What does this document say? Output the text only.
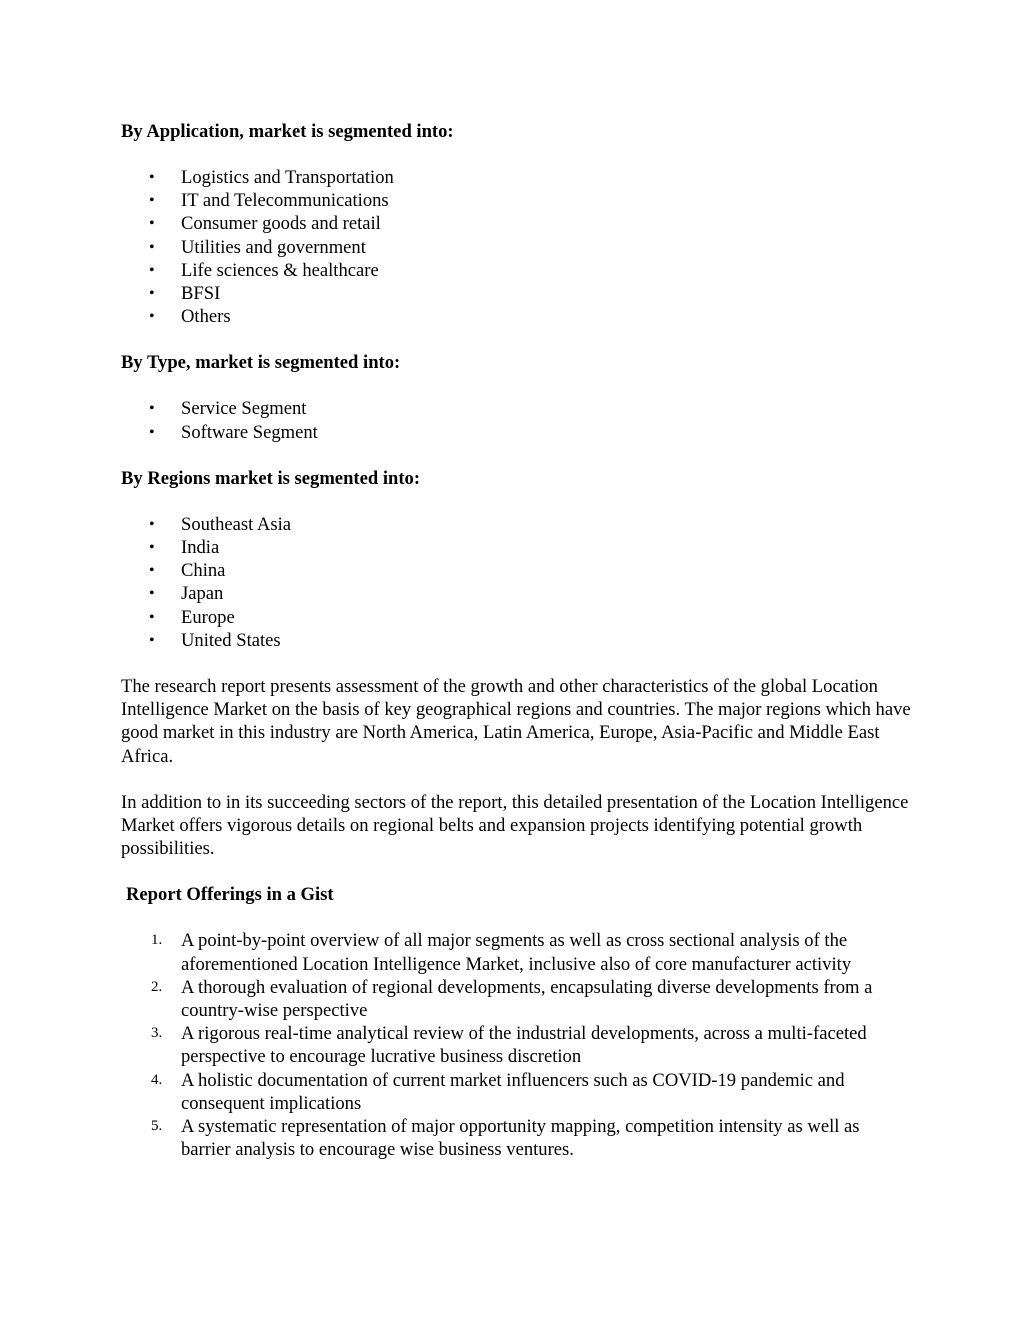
By Application, market is segmented into:
• Logistics and Transportation
• IT and Telecommunications
• Consumer goods and retail
• Utilities and government
• Life sciences & healthcare
• BFSI
• Others
By Type, market is segmented into:
• Service Segment
• Software Segment
By Regions market is segmented into:
• Southeast Asia
• India
• China
• Japan
• Europe
• United States

The research report presents assessment of the growth and other characteristics of the global Location Intelligence Market on the basis of key geographical regions and countries. The major regions which have good market in this industry are North America, Latin America, Europe, Asia-Pacific and Middle East Africa.

In addition to in its succeeding sectors of the report, this detailed presentation of the Location Intelligence Market offers vigorous details on regional belts and expansion projects identifying potential growth possibilities.

Report Offerings in a Gist
1. A point-by-point overview of all major segments as well as cross sectional analysis of the aforementioned Location Intelligence Market, inclusive also of core manufacturer activity
2. A thorough evaluation of regional developments, encapsulating diverse developments from a country-wise perspective
3. A rigorous real-time analytical review of the industrial developments, across a multi-faceted perspective to encourage lucrative business discretion
4. A holistic documentation of current market influencers such as COVID-19 pandemic and consequent implications
5. A systematic representation of major opportunity mapping, competition intensity as well as barrier analysis to encourage wise business ventures.
